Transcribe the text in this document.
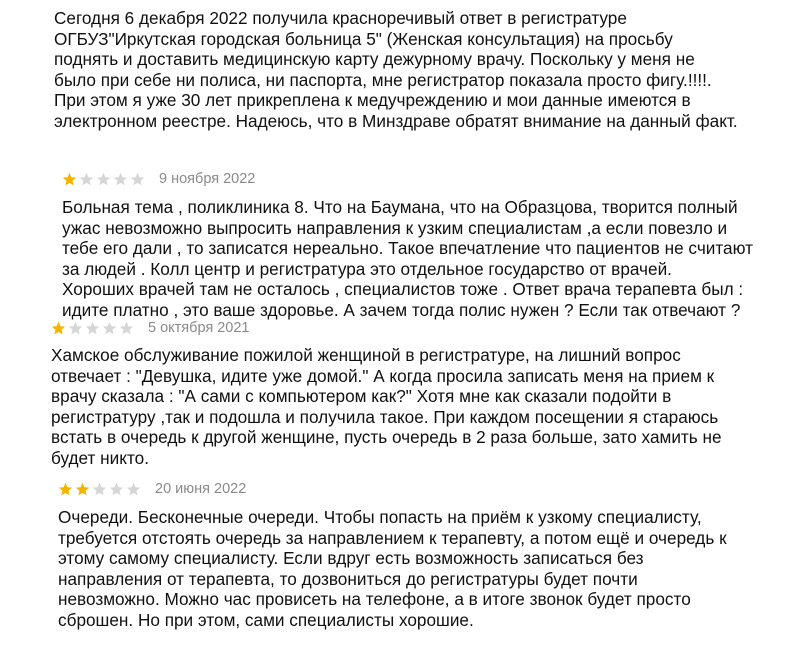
Сегодня 6 декабря 2022 получила красноречивый ответ в регистратуре
ОГБУЗ"Иркутская городская больница 5" (Женская консультация) на просьбу
поднять и доставить медицинскую карту дежурному врачу. Поскольку у меня не
было при себе ни полиса, ни паспорта, мне регистратор показала просто фигу.!!!!.
При этом я уже 30 лет прикреплена к медучреждению и мои данные имеются в
электронном реестре. Надеюсь, что в Минздраве обратят внимание на данный факт.
9 ноября 2022
Больная тема , поликлиника 8. Что на Баумана, что на Образцова, творится полный
ужас невозможно выпросить направления к узким специалистам ,а если повезло и
тебе его дали , то записатся нереально. Такое впечатление что пациентов не считают
за людей . Колл центр и регистратура это отдельное государство от врачей.
Хороших врачей там не осталось , специалистов тоже . Ответ врача терапевта был :
идите платно , это ваше здоровье. А зачем тогда полис нужен ? Если так отвечают ?
5 октября 2021
Хамское обслуживание пожилой женщиной в регистратуре, на лишний вопрос
отвечает : "Девушка, идите уже домой." А когда просила записать меня на прием к
врачу сказала : "А сами с компьютером как?" Хотя мне как сказали подойти в
регистратуру ,так и подошла и получила такое. При каждом посещении я стараюсь
встать в очередь к другой женщине, пусть очередь в 2 раза больше, зато хамить не
будет никто.
20 июня 2022
Очереди. Бесконечные очереди. Чтобы попасть на приём к узкому специалисту,
требуется отстоять очередь за направлением к терапевту, а потом ещё и очередь к
этому самому специалисту. Если вдруг есть возможность записаться без
направления от терапевта, то дозвониться до регистратуры будет почти
невозможно. Можно час провисеть на телефоне, а в итоге звонок будет просто
сброшен. Но при этом, сами специалисты хорошие.
